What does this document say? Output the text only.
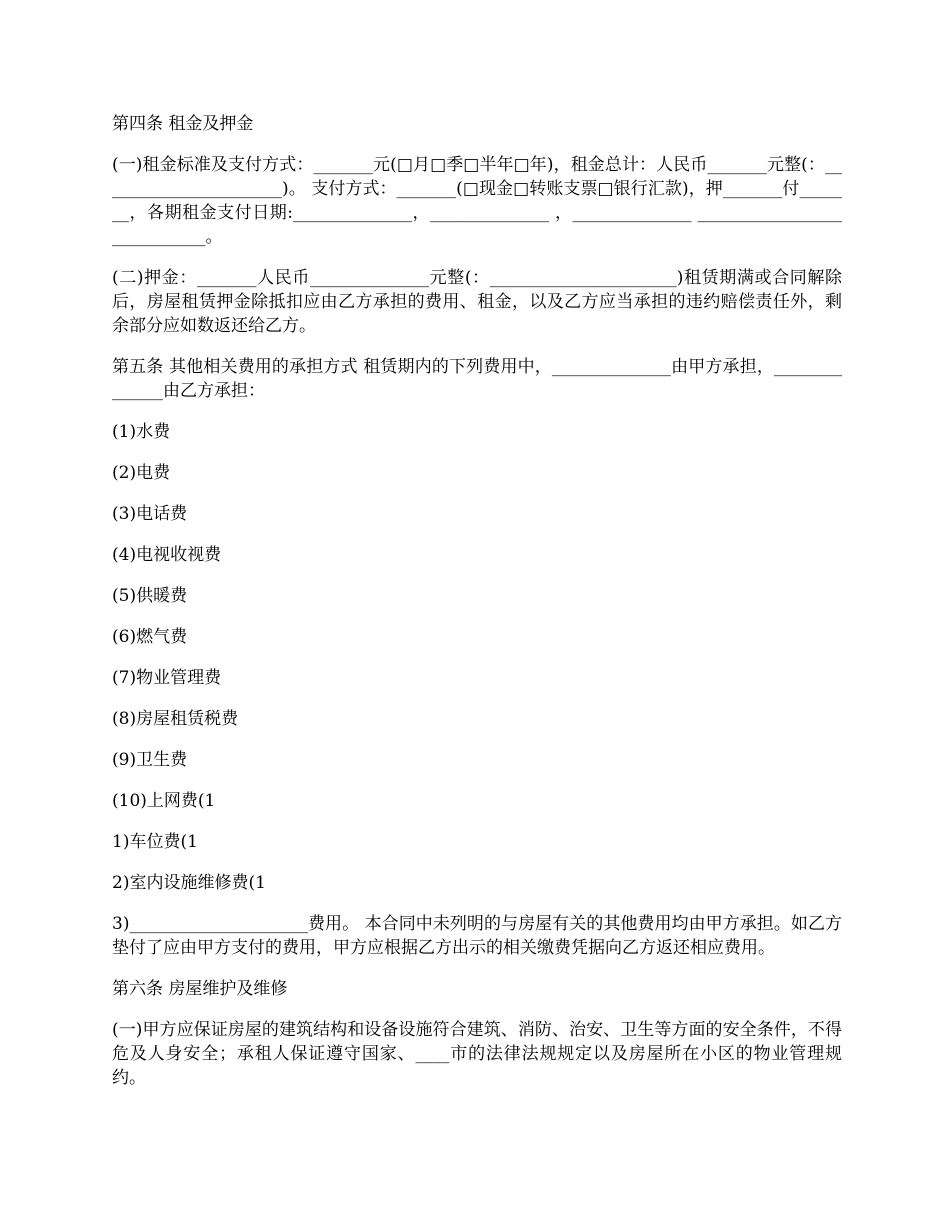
第四条 租金及押金

(一)租金标准及支付方式：_______元(□月□季□半年□年)，租金总计：人民币_______元整(：______________________)。 支付方式：_______(□现金□转账支票□银行汇款)，押_______付_______，各期租金支付日期:______________，______________ ，______________ ____________________________。

(二)押金：_______人民币______________元整(：______________________)租赁期满或合同解除后，房屋租赁押金除抵扣应由乙方承担的费用、租金，以及乙方应当承担的违约赔偿责任外，剩余部分应如数返还给乙方。

第五条 其他相关费用的承担方式 租赁期内的下列费用中，______________由甲方承担，______________由乙方承担：

(1)水费

(2)电费

(3)电话费

(4)电视收视费

(5)供暖费

(6)燃气费

(7)物业管理费

(8)房屋租赁税费

(9)卫生费

(10)上网费(1

1)车位费(1

2)室内设施维修费(1

3)_____________________费用。 本合同中未列明的与房屋有关的其他费用均由甲方承担。如乙方垫付了应由甲方支付的费用，甲方应根据乙方出示的相关缴费凭据向乙方返还相应费用。

第六条 房屋维护及维修

(一)甲方应保证房屋的建筑结构和设备设施符合建筑、消防、治安、卫生等方面的安全条件，不得危及人身安全；承租人保证遵守国家、____市的法律法规规定以及房屋所在小区的物业管理规约。
